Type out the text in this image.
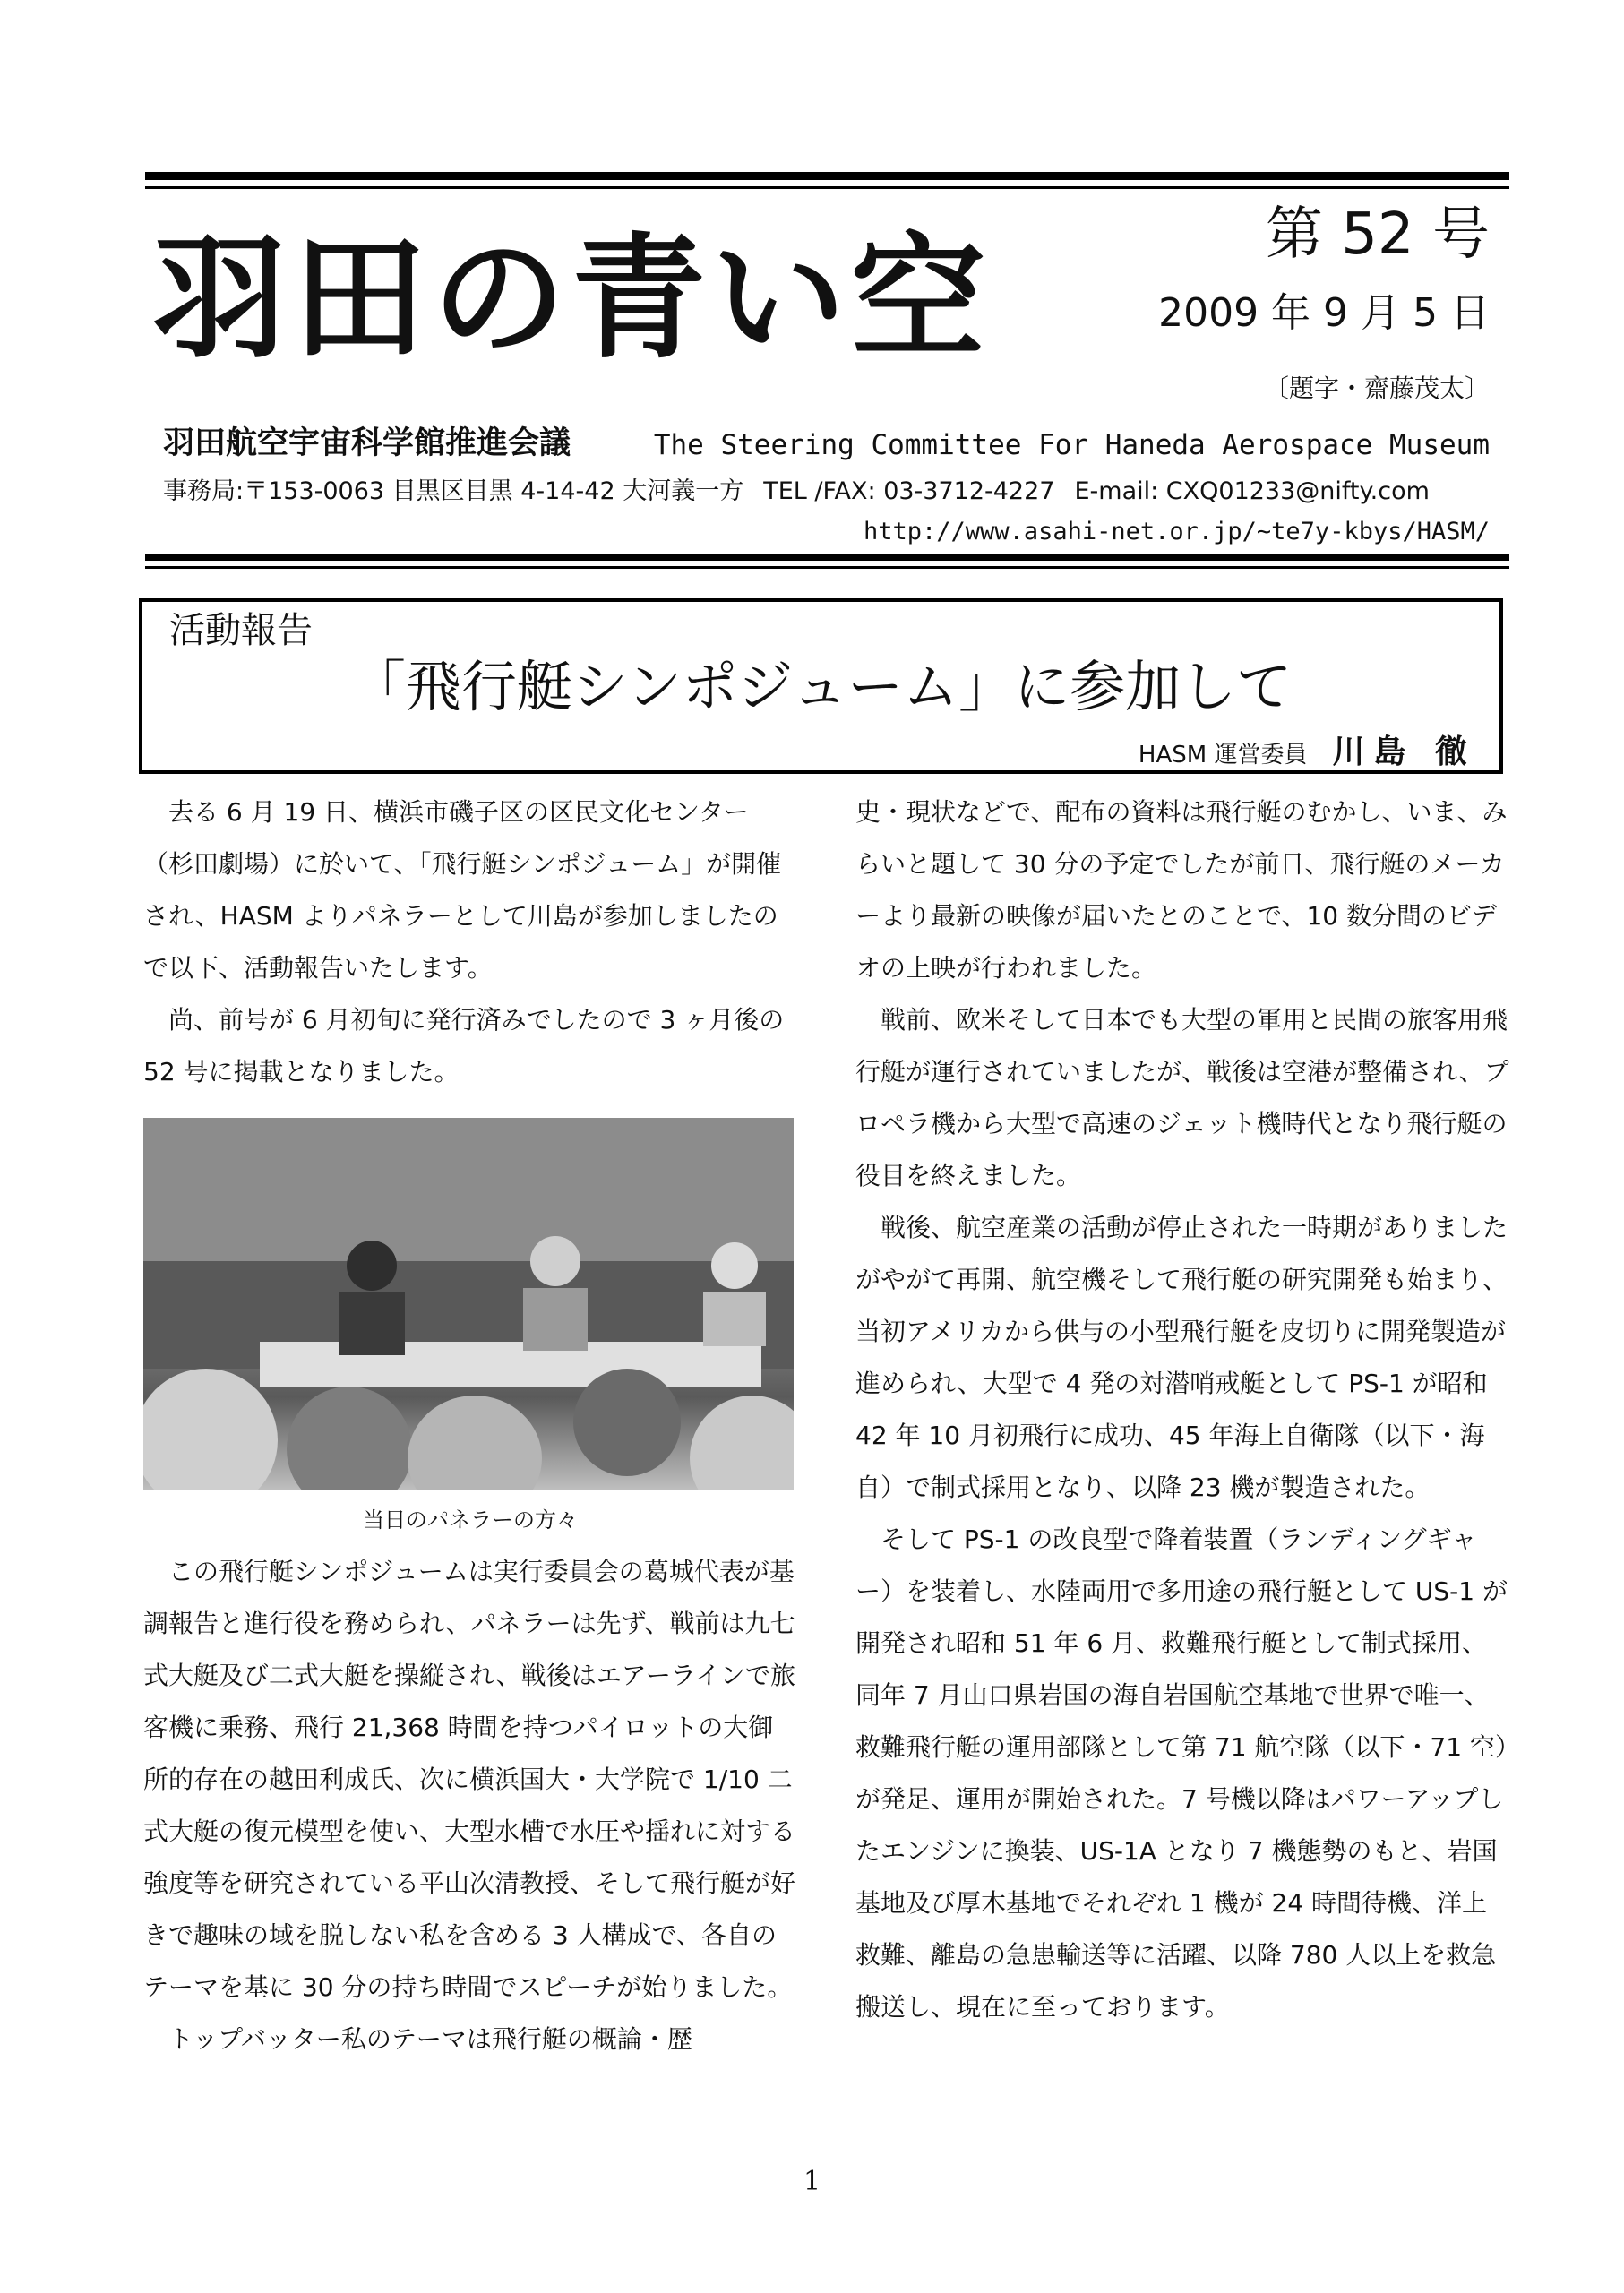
羽田の青い空	第 52 号
2009 年 9 月 5 日
〔題字・齋藤茂太〕
羽田航空宇宙科学館推進会議	The Steering Committee For Haneda Aerospace Museum
事務局:〒153-0063 目黒区目黒 4-14-42 大河義一方 TEL /FAX: 03-3712-4227 E-mail: CXQ01233@nifty.com
http://www.asahi-net.or.jp/~te7y-kbys/HASM/
活動報告
「飛行艇シンポジューム」に参加して
HASM 運営委員 川島 徹

去る 6 月 19 日、横浜市磯子区の区民文化センター（杉田劇場）に於いて、「飛行艇シンポジューム」が開催され、HASM よりパネラーとして川島が参加しましたので以下、活動報告いたします。

尚、前号が 6 月初旬に発行済みでしたので 3 ヶ月後の 52 号に掲載となりました。

当日のパネラーの方々

この飛行艇シンポジュームは実行委員会の葛城代表が基調報告と進行役を務められ、パネラーは先ず、戦前は九七式大艇及び二式大艇を操縦され、戦後はエアーラインで旅客機に乗務、飛行 21,368 時間を持つパイロットの大御所的存在の越田利成氏、次に横浜国大・大学院で 1/10 二式大艇の復元模型を使い、大型水槽で水圧や揺れに対する強度等を研究されている平山次清教授、そして飛行艇が好きで趣味の域を脱しない私を含める 3 人構成で、各自のテーマを基に 30 分の持ち時間でスピーチが始りました。

トップバッター私のテーマは飛行艇の概論・歴

史・現状などで、配布の資料は飛行艇のむかし、いま、みらいと題して 30 分の予定でしたが前日、飛行艇のメーカーより最新の映像が届いたとのことで、10 数分間のビデオの上映が行われました。

戦前、欧米そして日本でも大型の軍用と民間の旅客用飛行艇が運行されていましたが、戦後は空港が整備され、プロペラ機から大型で高速のジェット機時代となり飛行艇の役目を終えました。

戦後、航空産業の活動が停止された一時期がありましたがやがて再開、航空機そして飛行艇の研究開発も始まり、当初アメリカから供与の小型飛行艇を皮切りに開発製造が進められ、大型で 4 発の対潜哨戒艇として PS-1 が昭和 42 年 10 月初飛行に成功、45 年海上自衛隊（以下・海自）で制式採用となり、以降 23 機が製造された。

そして PS-1 の改良型で降着装置（ランディングギャー）を装着し、水陸両用で多用途の飛行艇として US-1 が開発され昭和 51 年 6 月、救難飛行艇として制式採用、同年 7 月山口県岩国の海自岩国航空基地で世界で唯一、救難飛行艇の運用部隊として第 71 航空隊（以下・71 空）が発足、運用が開始された。7 号機以降はパワーアップしたエンジンに換装、US-1A となり 7 機態勢のもと、岩国基地及び厚木基地でそれぞれ 1 機が 24 時間待機、洋上救難、離島の急患輸送等に活躍、以降 780 人以上を救急搬送し、現在に至っております。

1
